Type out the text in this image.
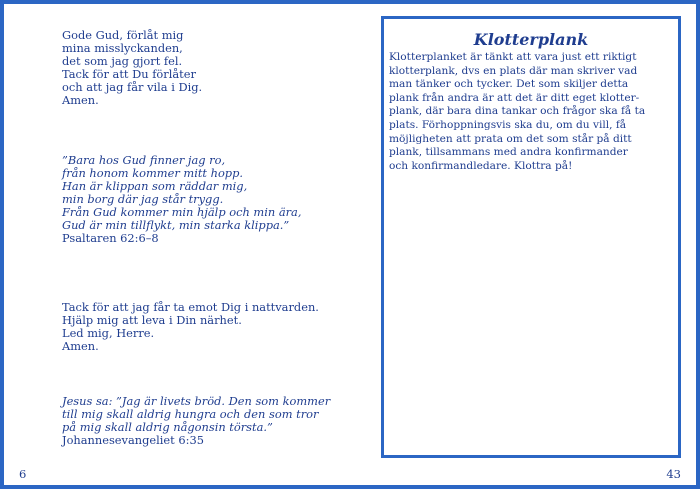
Gode Gud, förlåt mig
mina misslyckanden,
det som jag gjort fel.
Tack för att Du förlåter
och att jag får vila i Dig.
Amen.
”Bara hos Gud finner jag ro,
från honom kommer mitt hopp.
Han är klippan som räddar mig,
min borg där jag står trygg.
Från Gud kommer min hjälp och min ära,
Gud är min tillflykt, min starka klippa.”
Psaltaren 62:6–8
Tack för att jag får ta emot Dig i nattvarden.
Hjälp mig att leva i Din närhet.
Led mig, Herre.
Amen.
Jesus sa: ”Jag är livets bröd. Den som kommer
till mig skall aldrig hungra och den som tror
på mig skall aldrig någonsin törsta.”
Johannesevangeliet 6:35
6
Klotterplank
Klotterplanket är tänkt att vara just ett riktigt
klotterplank, dvs en plats där man skriver vad
man tänker och tycker. Det som skiljer detta
plank från andra är att det är ditt eget klotter-
plank, där bara dina tankar och frågor ska få ta
plats. Förhoppningsvis ska du, om du vill, få
möjligheten att prata om det som står på ditt
plank, tillsammans med andra konfirmander
och konfirmandledare. Klottra på!
43
